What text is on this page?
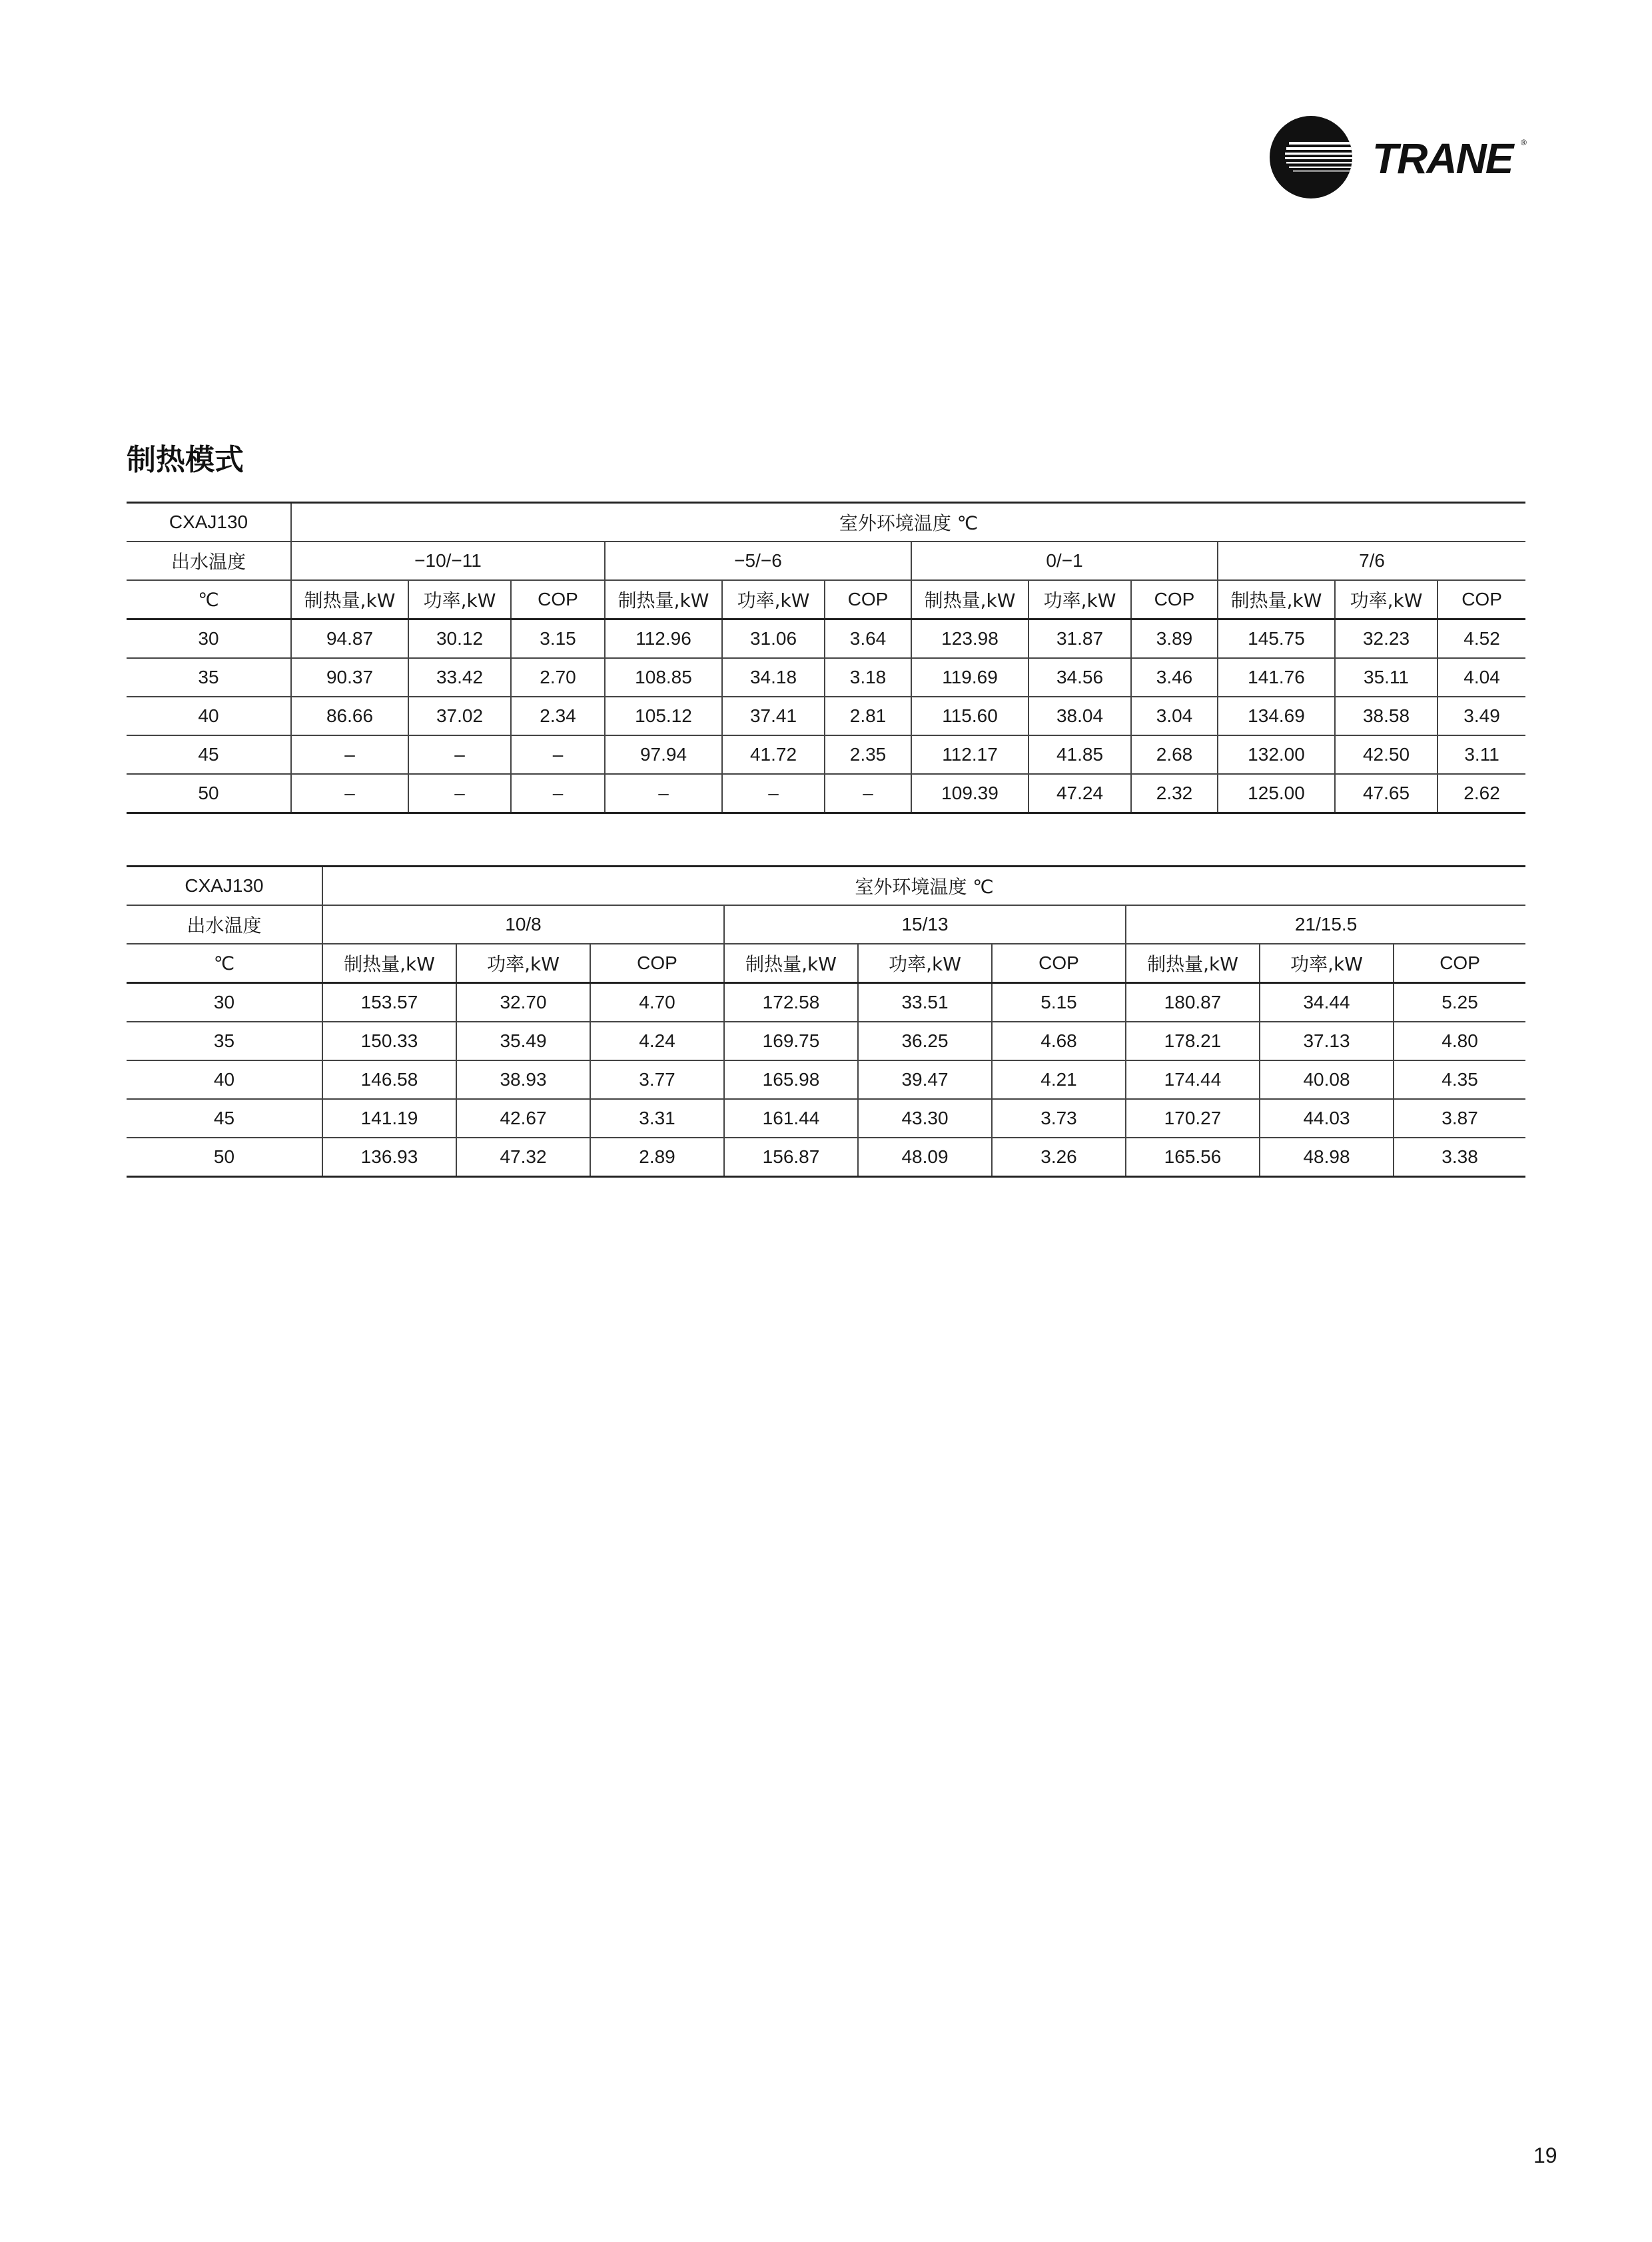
TRANE ®
制热模式
CXAJ130	室外环境温度 ℃											
出水温度	−10/−11			−5/−6			0/−1			7/6		
℃	制热量,kW	功率,kW	COP	制热量,kW	功率,kW	COP	制热量,kW	功率,kW	COP	制热量,kW	功率,kW	COP
30	94.87	30.12	3.15	112.96	31.06	3.64	123.98	31.87	3.89	145.75	32.23	4.52
35	90.37	33.42	2.70	108.85	34.18	3.18	119.69	34.56	3.46	141.76	35.11	4.04
40	86.66	37.02	2.34	105.12	37.41	2.81	115.60	38.04	3.04	134.69	38.58	3.49
45	–	–	–	97.94	41.72	2.35	112.17	41.85	2.68	132.00	42.50	3.11
50	–	–	–	–	–	–	109.39	47.24	2.32	125.00	47.65	2.62
CXAJ130	室外环境温度 ℃								
出水温度	10/8			15/13			21/15.5		
℃	制热量,kW	功率,kW	COP	制热量,kW	功率,kW	COP	制热量,kW	功率,kW	COP
30	153.57	32.70	4.70	172.58	33.51	5.15	180.87	34.44	5.25
35	150.33	35.49	4.24	169.75	36.25	4.68	178.21	37.13	4.80
40	146.58	38.93	3.77	165.98	39.47	4.21	174.44	40.08	4.35
45	141.19	42.67	3.31	161.44	43.30	3.73	170.27	44.03	3.87
50	136.93	47.32	2.89	156.87	48.09	3.26	165.56	48.98	3.38
19
